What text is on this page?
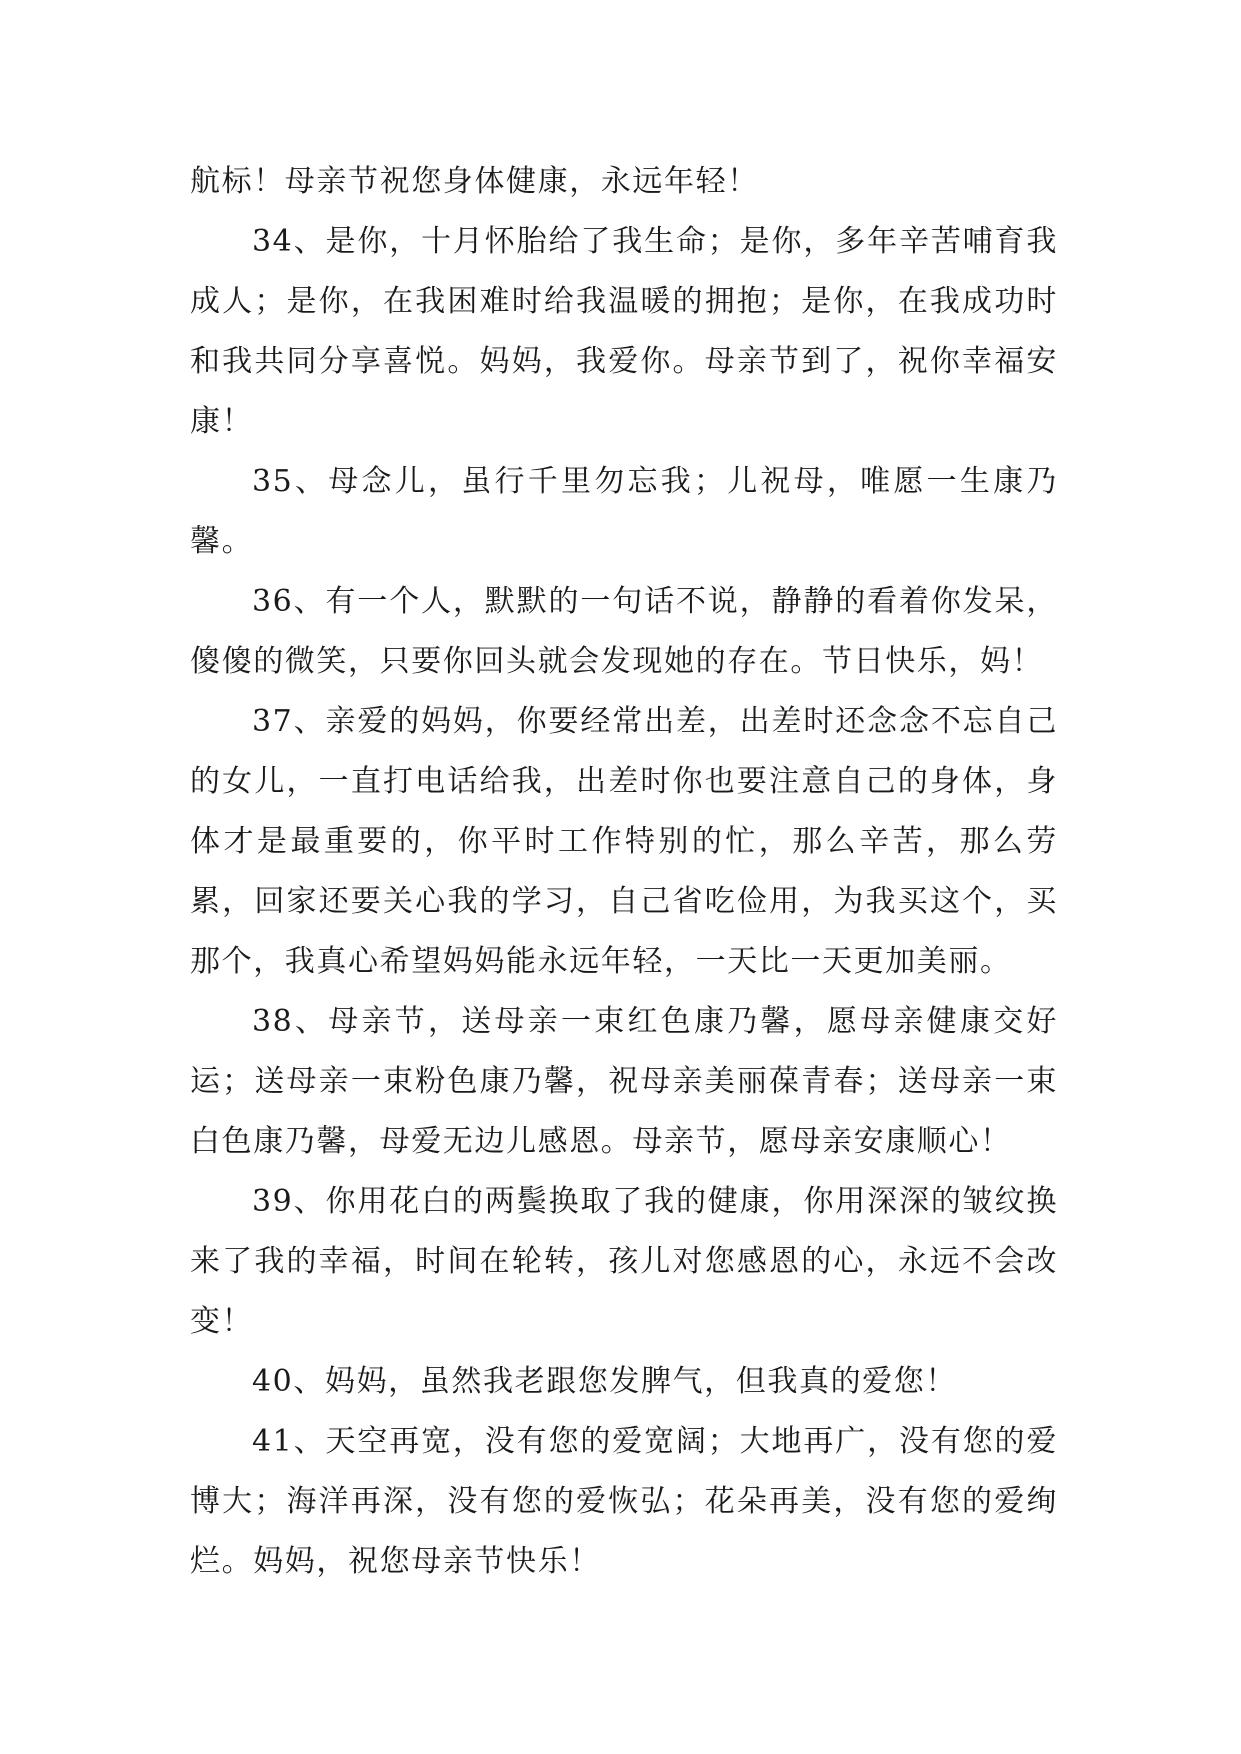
航标！母亲节祝您身体健康，永远年轻！

34、是你，十月怀胎给了我生命；是你，多年辛苦哺育我成人；是你，在我困难时给我温暖的拥抱；是你，在我成功时和我共同分享喜悦。妈妈，我爱你。母亲节到了，祝你幸福安康！

35、母念儿，虽行千里勿忘我；儿祝母，唯愿一生康乃馨。

36、有一个人，默默的一句话不说，静静的看着你发呆，傻傻的微笑，只要你回头就会发现她的存在。节日快乐，妈！

37、亲爱的妈妈，你要经常出差，出差时还念念不忘自己的女儿，一直打电话给我，出差时你也要注意自己的身体，身体才是最重要的，你平时工作特别的忙，那么辛苦，那么劳累，回家还要关心我的学习，自己省吃俭用，为我买这个，买那个，我真心希望妈妈能永远年轻，一天比一天更加美丽。

38、母亲节，送母亲一束红色康乃馨，愿母亲健康交好运；送母亲一束粉色康乃馨，祝母亲美丽葆青春；送母亲一束白色康乃馨，母爱无边儿感恩。母亲节，愿母亲安康顺心！

39、你用花白的两鬓换取了我的健康，你用深深的皱纹换来了我的幸福，时间在轮转，孩儿对您感恩的心，永远不会改变！

40、妈妈，虽然我老跟您发脾气，但我真的爱您！

41、天空再宽，没有您的爱宽阔；大地再广，没有您的爱博大；海洋再深，没有您的爱恢弘；花朵再美，没有您的爱绚烂。妈妈，祝您母亲节快乐！
